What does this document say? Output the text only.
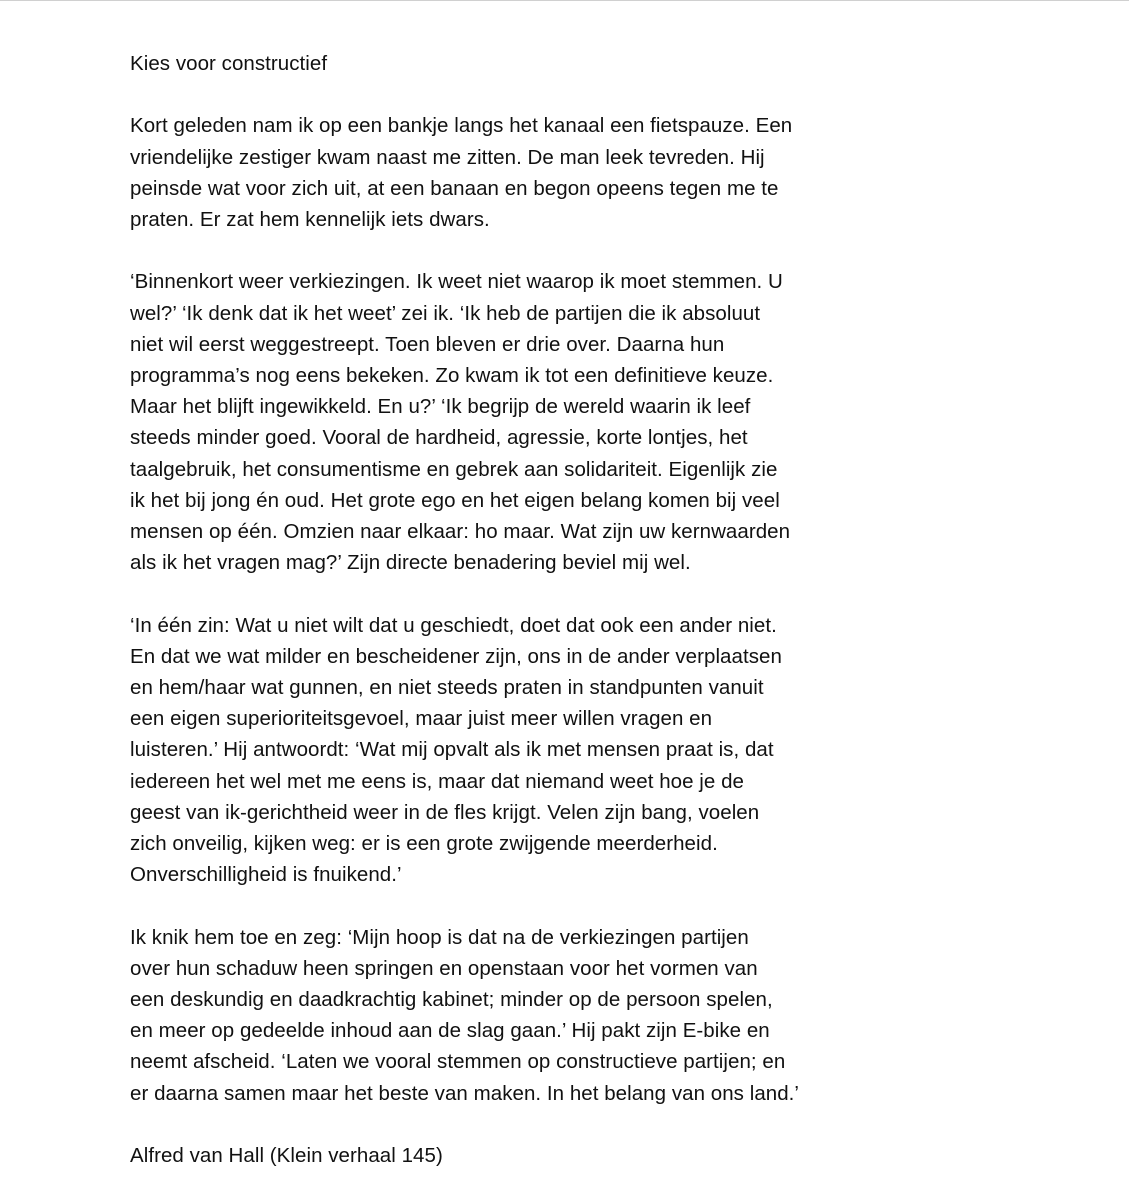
Kies voor constructief

Kort geleden nam ik op een bankje langs het kanaal een fietspauze. Een
vriendelijke zestiger kwam naast me zitten. De man leek tevreden. Hij
peinsde wat voor zich uit, at een banaan en begon opeens tegen me te
praten. Er zat hem kennelijk iets dwars.

‘Binnenkort weer verkiezingen. Ik weet niet waarop ik moet stemmen. U
wel?’ ‘Ik denk dat ik het weet’ zei ik. ‘Ik heb de partijen die ik absoluut
niet wil eerst weggestreept. Toen bleven er drie over. Daarna hun
programma’s nog eens bekeken. Zo kwam ik tot een definitieve keuze.
Maar het blijft ingewikkeld. En u?’ ‘Ik begrijp de wereld waarin ik leef
steeds minder goed. Vooral de hardheid, agressie, korte lontjes, het
taalgebruik, het consumentisme en gebrek aan solidariteit. Eigenlijk zie
ik het bij jong én oud. Het grote ego en het eigen belang komen bij veel
mensen op één. Omzien naar elkaar: ho maar. Wat zijn uw kernwaarden
als ik het vragen mag?’ Zijn directe benadering beviel mij wel.

‘In één zin: Wat u niet wilt dat u geschiedt, doet dat ook een ander niet.
En dat we wat milder en bescheidener zijn, ons in de ander verplaatsen
en hem/haar wat gunnen, en niet steeds praten in standpunten vanuit
een eigen superioriteitsgevoel, maar juist meer willen vragen en
luisteren.’ Hij antwoordt: ‘Wat mij opvalt als ik met mensen praat is, dat
iedereen het wel met me eens is, maar dat niemand weet hoe je de
geest van ik-gerichtheid weer in de fles krijgt. Velen zijn bang, voelen
zich onveilig, kijken weg: er is een grote zwijgende meerderheid.
Onverschilligheid is fnuikend.’

Ik knik hem toe en zeg: ‘Mijn hoop is dat na de verkiezingen partijen
over hun schaduw heen springen en openstaan voor het vormen van
een deskundig en daadkrachtig kabinet; minder op de persoon spelen,
en meer op gedeelde inhoud aan de slag gaan.’ Hij pakt zijn E-bike en
neemt afscheid. ‘Laten we vooral stemmen op constructieve partijen; en
er daarna samen maar het beste van maken. In het belang van ons land.’

Alfred van Hall (Klein verhaal 145)
